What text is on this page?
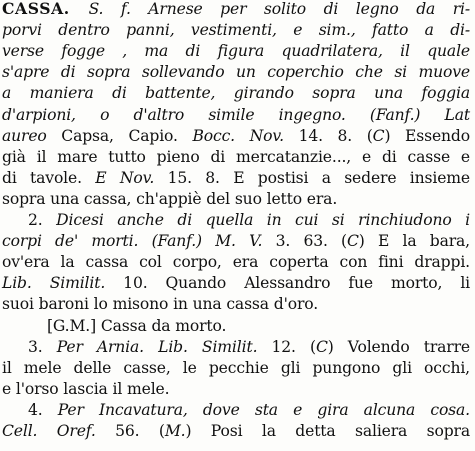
CASSA. S. f. Arnese per solito di legno da ri-
porvi dentro panni, vestimenti, e sim., fatto a di-
verse fogge , ma di figura quadrilatera, il quale
s'apre di sopra sollevando un coperchio che si muove
a maniera di battente, girando sopra una foggia
d'arpioni, o d'altro simile ingegno. (Fanf.) Lat
aureo Capsa, Capio. Bocc. Nov. 14. 8. (C) Essendo
già il mare tutto pieno di mercatanzie..., e di casse e
di tavole. E Nov. 15. 8. E postisi a sedere insieme
sopra una cassa, ch'appiè del suo letto era.
2. Dicesi anche di quella in cui si rinchiudono i
corpi de' morti. (Fanf.) M. V. 3. 63. (C) E la bara,
ov'era la cassa col corpo, era coperta con fini drappi.
Lib. Similit. 10. Quando Alessandro fue morto, li
suoi baroni lo misono in una cassa d'oro.
[G.M.] Cassa da morto.
3. Per Arnia. Lib. Similit. 12. (C) Volendo trarre
il mele delle casse, le pecchie gli pungono gli occhi,
e l'orso lascia il mele.
4. Per Incavatura, dove sta e gira alcuna cosa.
Cell. Oref. 56. (M.) Posi la detta saliera sopra
